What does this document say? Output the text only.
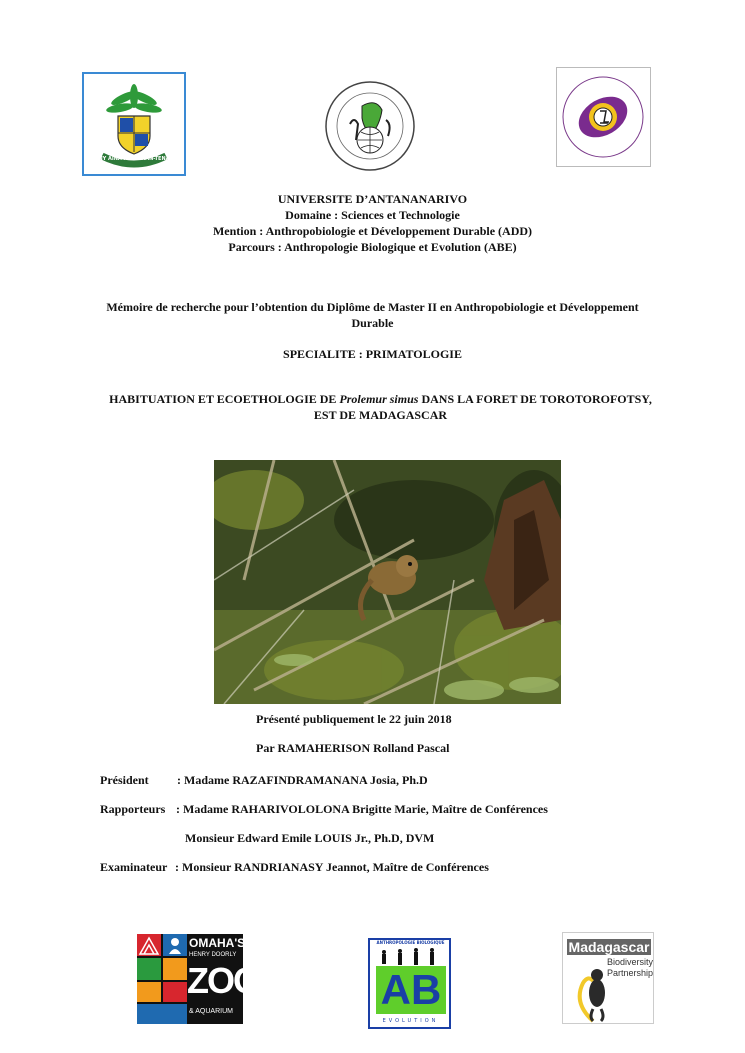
NY AINA NO TOKAN-TENA
UNIVERSITE D’ANTANANARIVO
Domaine : Sciences et Technologie
Mention : Anthropobiologie et Développement Durable (ADD)
Parcours : Anthropologie Biologique et Evolution (ABE)
Mémoire de recherche pour l’obtention du Diplôme de Master II en Anthropobiologie et Développement
Durable
SPECIALITE : PRIMATOLOGIE
HABITUATION ET ECOETHOLOGIE DE Prolemur simus DANS LA FORET DE TOROTOROFOTSY,
EST DE MADAGASCAR
Présenté publiquement le 22 juin 2018
Par RAMAHERISON Rolland Pascal
Président : Madame RAZAFINDRAMANANA Josia, Ph.D
Rapporteurs : Madame RAHARIVOLOLONA Brigitte Marie, Maître de Conférences
Monsieur Edward Emile LOUIS Jr., Ph.D, DVM
Examinateur : Monsieur RANDRIANASY Jeannot, Maître de Conférences
OMAHA'S
HENRY DOORLY
ZOO
& AQUARIUM
ANTHROPOLOGIE BIOLOGIQUE
AB
EVOLUTION
Madagascar
Biodiversity
Partnership
